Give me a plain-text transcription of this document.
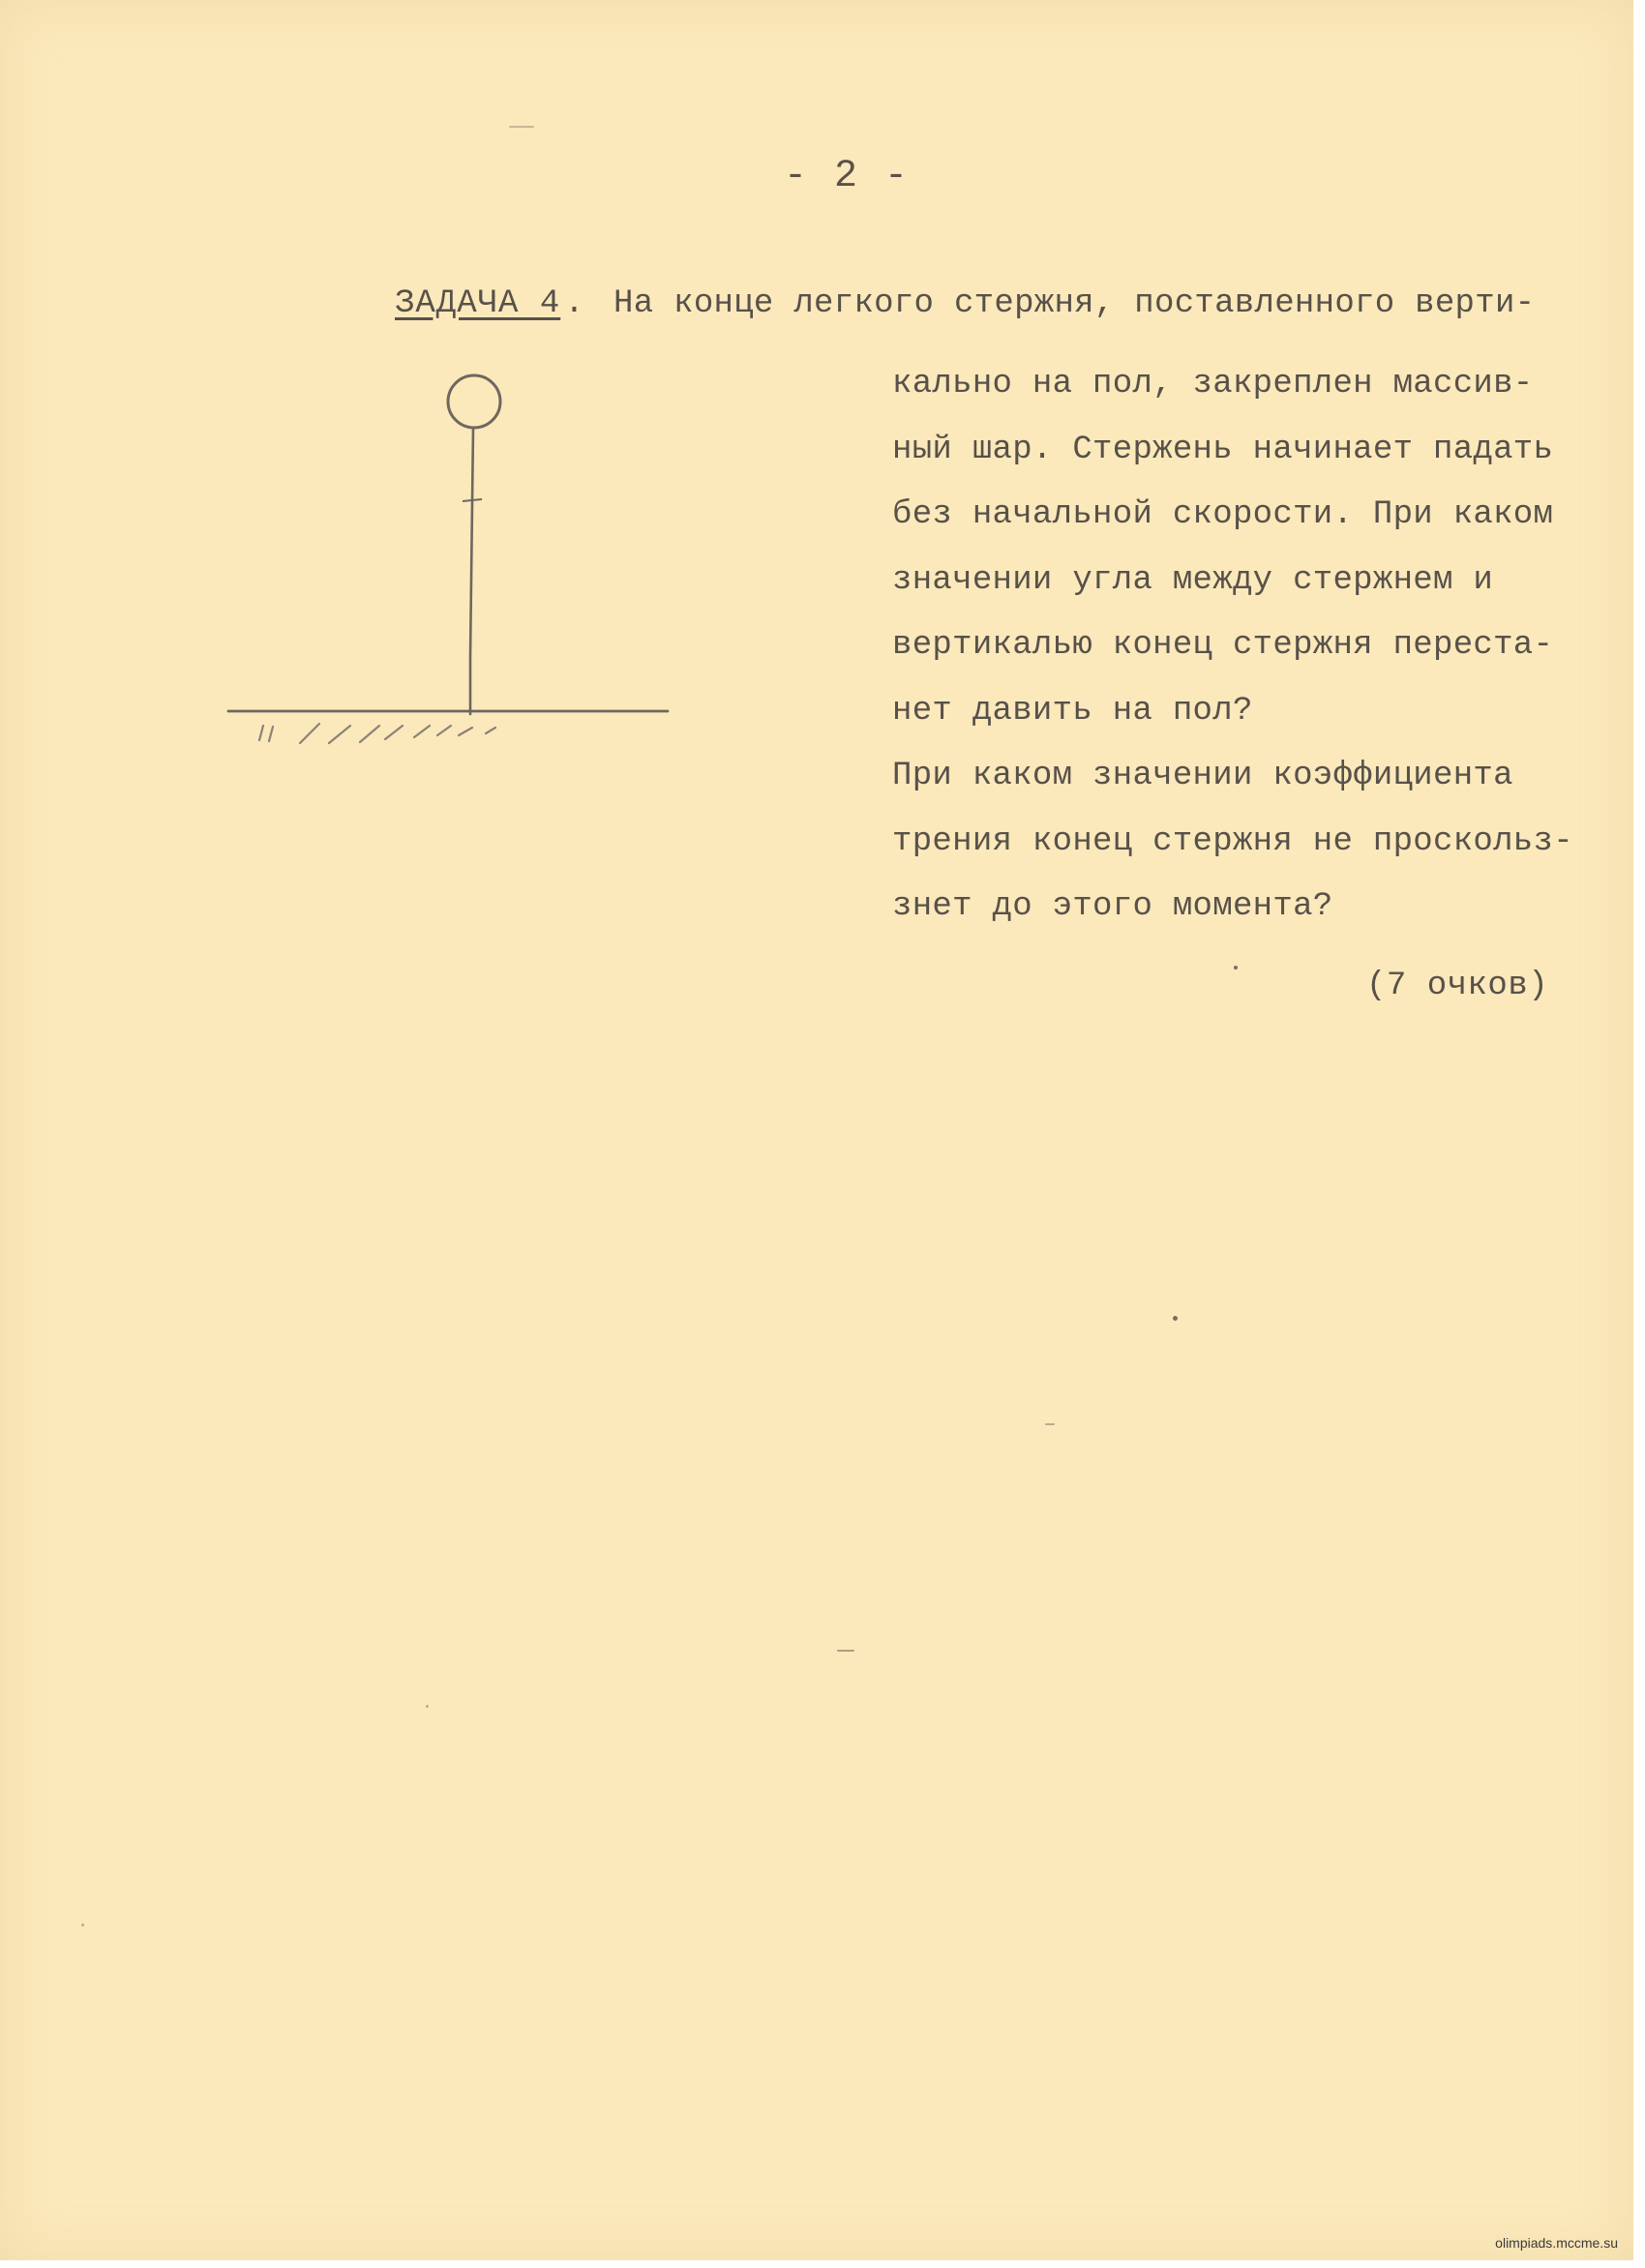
- 2 -
ЗАДАЧА 4 . На конце легкого стержня, поставленного верти-
кально на пол, закреплен массив-
ный шар. Стержень начинает падать
без начальной скорости. При каком
значении угла между стержнем и
вертикалью конец стержня переста-
нет давить на пол?
При каком значении коэффициента
трения конец стержня не проскольз-
знет до этого момента?
(7 очков)
olimpiads.mccme.su
